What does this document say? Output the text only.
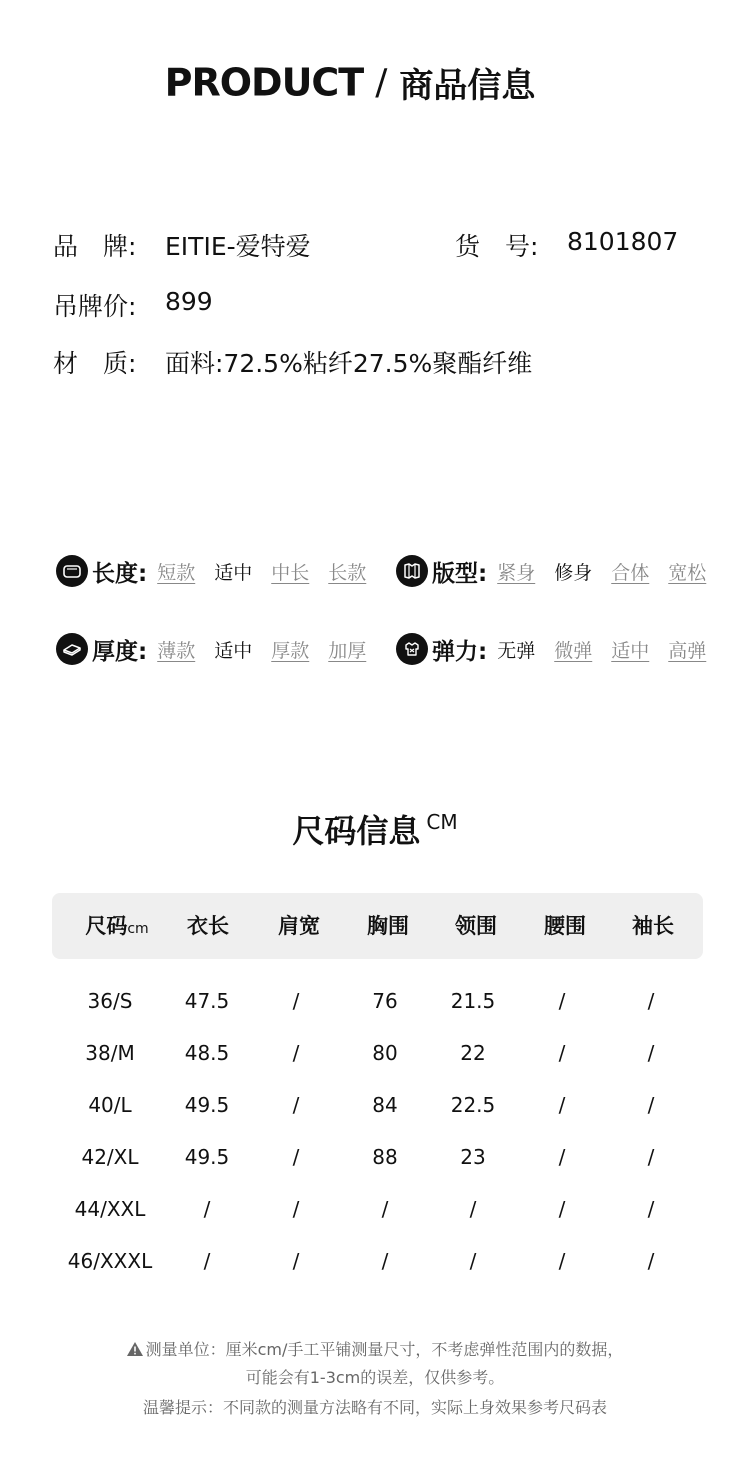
PRODUCT / 商品信息
品　牌: EITIE-爱特爱	货　号: 8101807
吊牌价: 899
材　质: 面料:72.5%粘纤27.5%聚酯纤维
长度: 短款 适中 中长 长款	版型: 紧身 修身 合体 宽松
厚度: 薄款 适中 厚款 加厚	弹力: 无弹 微弹 适中 高弹
尺码信息 CM
尺码cm	衣长	肩宽	胸围	领围	腰围	袖长
36/S	47.5	/	76	21.5	/	/
38/M	48.5	/	80	22	/	/
40/L	49.5	/	84	22.5	/	/
42/XL	49.5	/	88	23	/	/
44/XXL	/	/	/	/	/	/
46/XXXL	/	/	/	/	/	/
测量单位：厘米cm/手工平铺测量尺寸，不考虑弹性范围内的数据，
可能会有1-3cm的误差，仅供参考。
温馨提示：不同款的测量方法略有不同，实际上身效果参考尺码表
